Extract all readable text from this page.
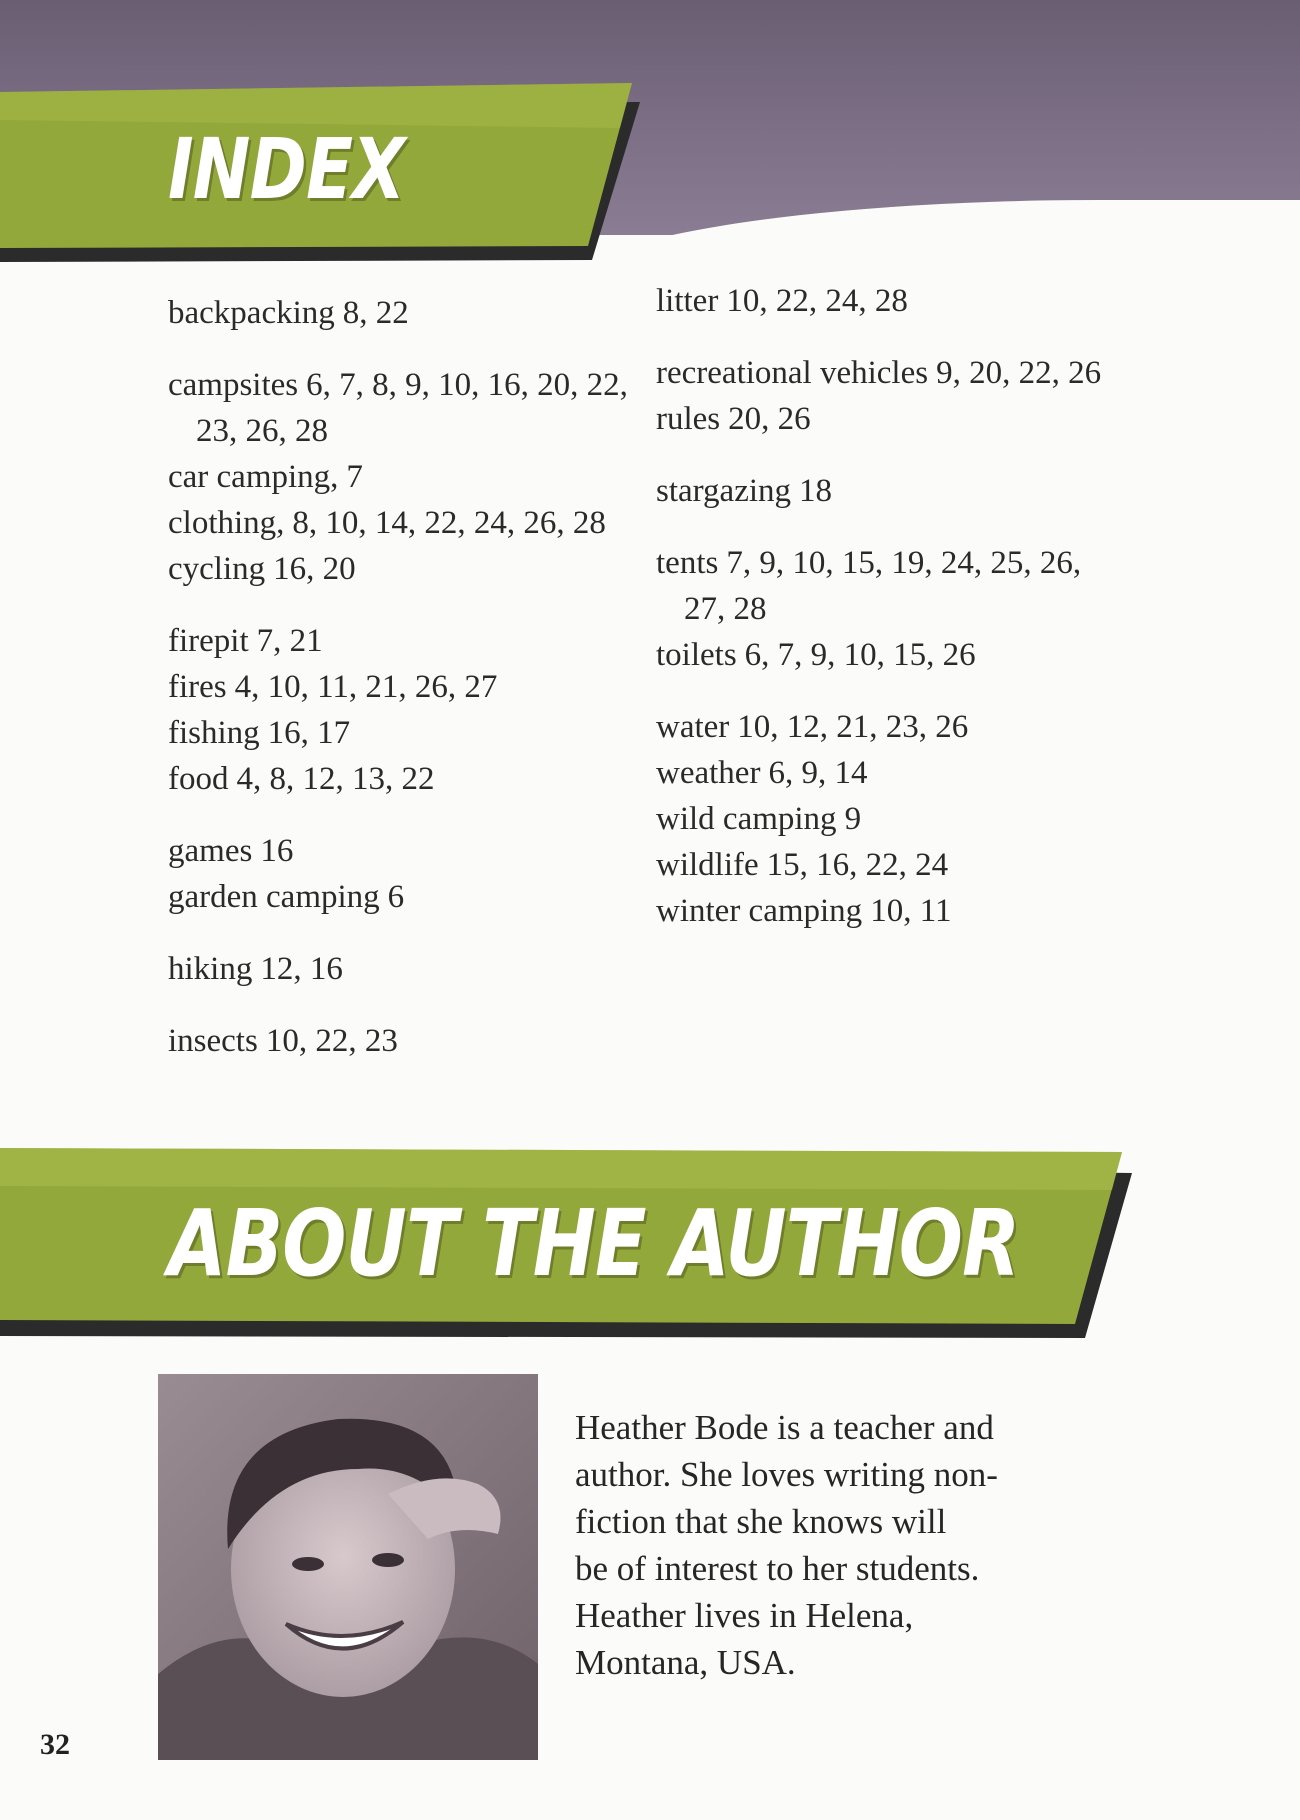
INDEX
backpacking 8, 22
campsites 6, 7, 8, 9, 10, 16, 20, 22, 23, 26, 28
car camping, 7
clothing, 8, 10, 14, 22, 24, 26, 28
cycling 16, 20
firepit 7, 21
fires 4, 10, 11, 21, 26, 27
fishing 16, 17
food 4, 8, 12, 13, 22
games 16
garden camping 6
hiking 12, 16
insects 10, 22, 23
litter 10, 22, 24, 28
recreational vehicles 9, 20, 22, 26
rules 20, 26
stargazing 18
tents 7, 9, 10, 15, 19, 24, 25, 26, 27, 28
toilets 6, 7, 9, 10, 15, 26
water 10, 12, 21, 23, 26
weather 6, 9, 14
wild camping 9
wildlife 15, 16, 22, 24
winter camping 10, 11
ABOUT THE AUTHOR
Heather Bode is a teacher and
author. She loves writing non-
fiction that she knows will
be of interest to her students.
Heather lives in Helena,
Montana, USA.
32
